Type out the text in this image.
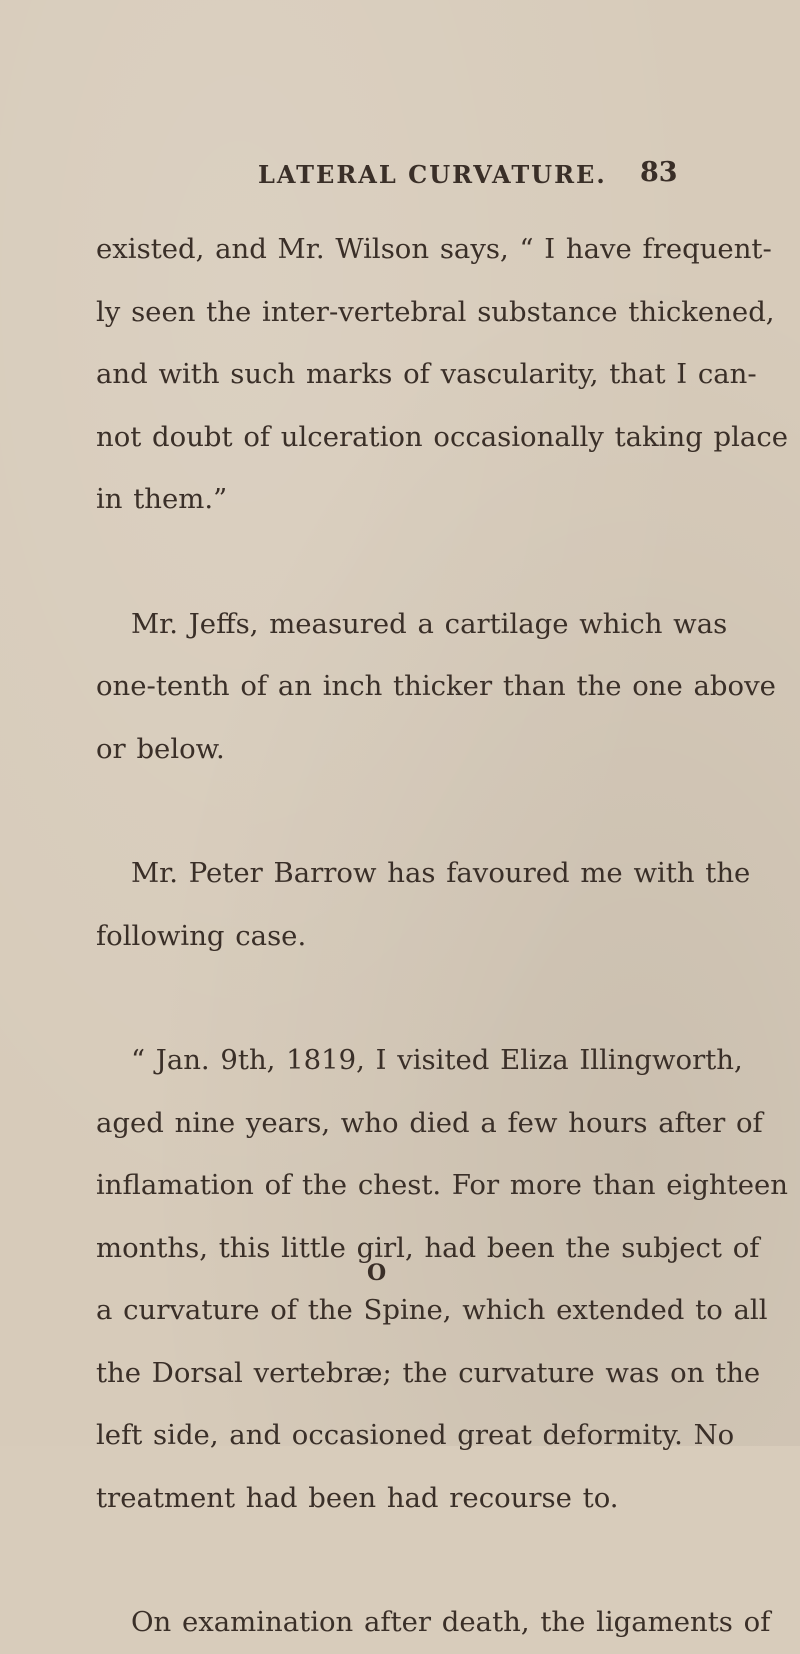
LATERAL CURVATURE. 83
existed, and Mr. Wilson says, “ I have frequent-
ly seen the inter-vertebral substance thickened,
and with such marks of vascularity, that I can-
not doubt of ulceration occasionally taking place
in them.”
Mr. Jeffs, measured a cartilage which was
one-tenth of an inch thicker than the one above
or below.
Mr. Peter Barrow has favoured me with the
following case.
“ Jan. 9th, 1819, I visited Eliza Illingworth,
aged nine years, who died a few hours after of
inflamation of the chest. For more than eighteen
months, this little girl, had been the subject of
a curvature of the Spine, which extended to all
the Dorsal vertebræ; the curvature was on the
left side, and occasioned great deformity. No
treatment had been had recourse to.
On examination after death, the ligaments of
O
